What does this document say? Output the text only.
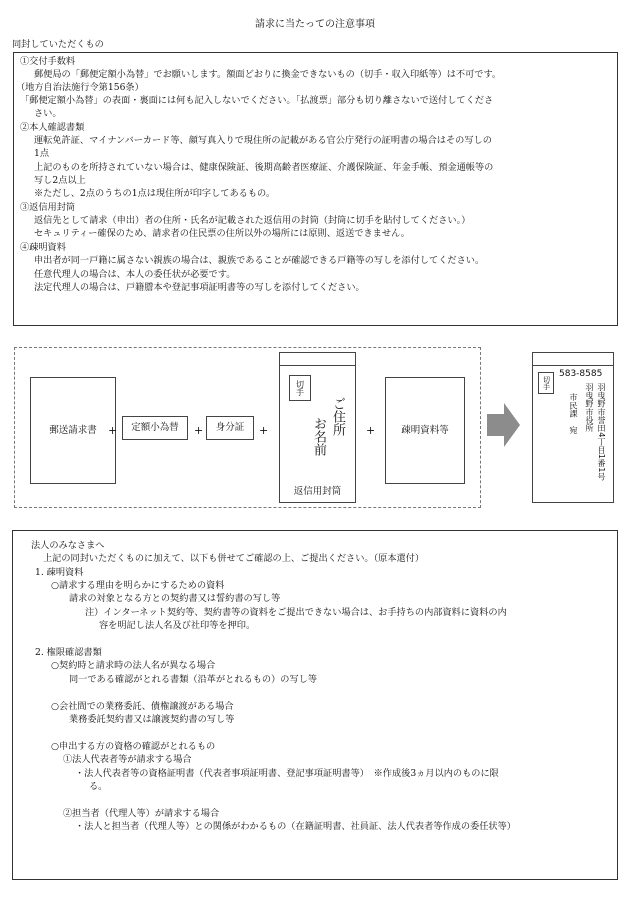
請求に当たっての注意事項
同封していただくもの
①交付手数料
郵便局の「郵便定額小為替」でお願いします。額面どおりに換金できないもの（切手・収入印紙等）は不可です。
（地方自治法施行令第156条）
「郵便定額小為替」の表面・裏面には何も記入しないでください。「払渡票」部分も切り離さないで送付してくださ
さい。
②本人確認書類
運転免許証、マイナンバーカード等、顔写真入りで現住所の記載がある官公庁発行の証明書の場合はその写しの
1点
上記のものを所持されていない場合は、健康保険証、後期高齢者医療証、介護保険証、年金手帳、預金通帳等の
写し2点以上
※ただし、2点のうちの1点は現住所が印字してあるもの。
③返信用封筒
返信先として請求（申出）者の住所・氏名が記載された返信用の封筒（封筒に切手を貼付してください。）
セキュリティー確保のため、請求者の住民票の住所以外の場所には原則、返送できません。
④疎明資料
申出者が同一戸籍に属さない親族の場合は、親族であることが確認できる戸籍等の写しを添付してください。
任意代理人の場合は、本人の委任状が必要です。
法定代理人の場合は、戸籍謄本や登記事項証明書等の写しを添付してください。
郵送請求書 + 定額小為替 + 身分証 +
切手
ご住所
お名前
返信用封筒
+	疎明資料等
切手
583-8585
羽曳野市誉田4丁目1番1号
羽曳野市役所
市民課　宛
法人のみなさまへ
上記の同封いただくものに加えて、以下も併せてご確認の上、ご提出ください。（原本還付）
1. 疎明資料
○請求する理由を明らかにするための資料
請求の対象となる方との契約書又は誓約書の写し等
注）インターネット契約等、契約書等の資料をご提出できない場合は、お手持ちの内部資料に資料の内
容を明記し法人名及び社印等を押印。
2. 権限確認書類
○契約時と請求時の法人名が異なる場合
同一である確認がとれる書類（沿革がとれるもの）の写し等
○会社間での業務委託、債権譲渡がある場合
業務委託契約書又は譲渡契約書の写し等
○申出する方の資格の確認がとれるもの
①法人代表者等が請求する場合
・法人代表者等の資格証明書（代表者事項証明書、登記事項証明書等）　※作成後3ヵ月以内のものに限
る。
②担当者（代理人等）が請求する場合
・法人と担当者（代理人等）との関係がわかるもの（在籍証明書、社員証、法人代表者等作成の委任状等）
